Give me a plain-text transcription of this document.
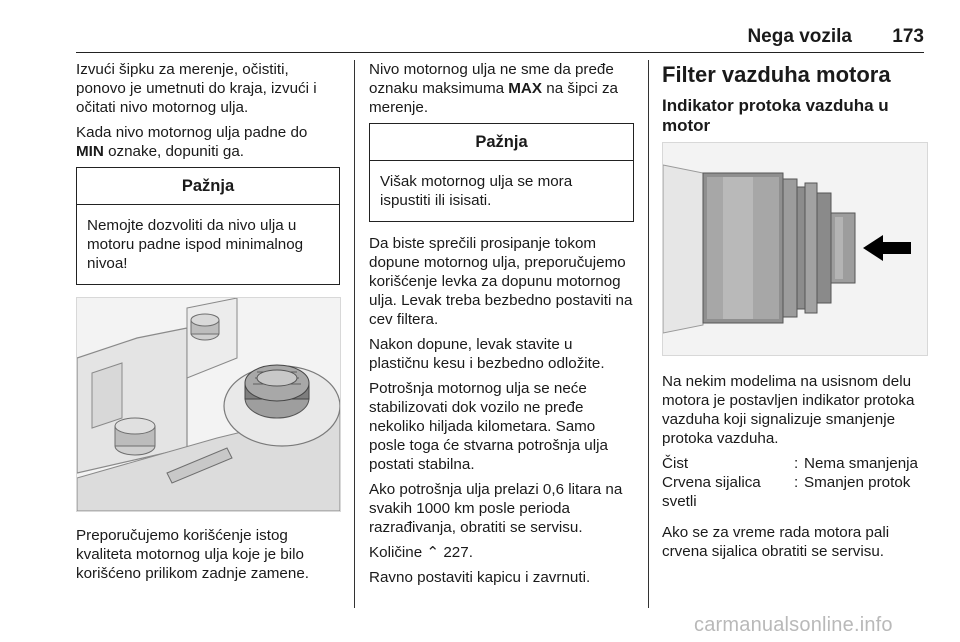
Nega vozila 173

Izvući šipku za merenje, očistiti, ponovo je umetnuti do kraja, izvući i očitati nivo motornog ulja.

Kada nivo motornog ulja padne do
MIN oznake, dopuniti ga.

Pažnja
Nemojte dozvoliti da nivo ulja u motoru padne ispod minimalnog nivoa!

Preporučujemo korišćenje istog kvaliteta motornog ulja koje je bilo korišćeno prilikom zadnje zamene.

Nivo motornog ulja ne sme da pređe oznaku maksimuma MAX na šipci za merenje.

Pažnja
Višak motornog ulja se mora ispustiti ili isisati.

Da biste sprečili prosipanje tokom dopune motornog ulja, preporučujemo korišćenje levka za dopunu motornog ulja. Levak treba bezbedno postaviti na cev filtera.

Nakon dopune, levak stavite u plastičnu kesu i bezbedno odložite.

Potrošnja motornog ulja se neće stabilizovati dok vozilo ne pređe nekoliko hiljada kilometara. Samo posle toga će stvarna potrošnja ulja postati stabilna.

Ako potrošnja ulja prelazi 0,6 litara na svakih 1000 km posle perioda razrađivanja, obratiti se servisu.

Količine ⌃ 227.

Ravno postaviti kapicu i zavrnuti.

Filter vazduha motora
Indikator protoka vazduha u motor

Na nekim modelima na usisnom delu motora je postavljen indikator protoka vazduha koji signalizuje smanjenje protoka vazduha.

Čist	: Nema smanjenja
Crvena sijalica svetli
: Smanjen protok

Ako se za vreme rada motora pali crvena sijalica obratiti se servisu.

carmanualsonline.info
